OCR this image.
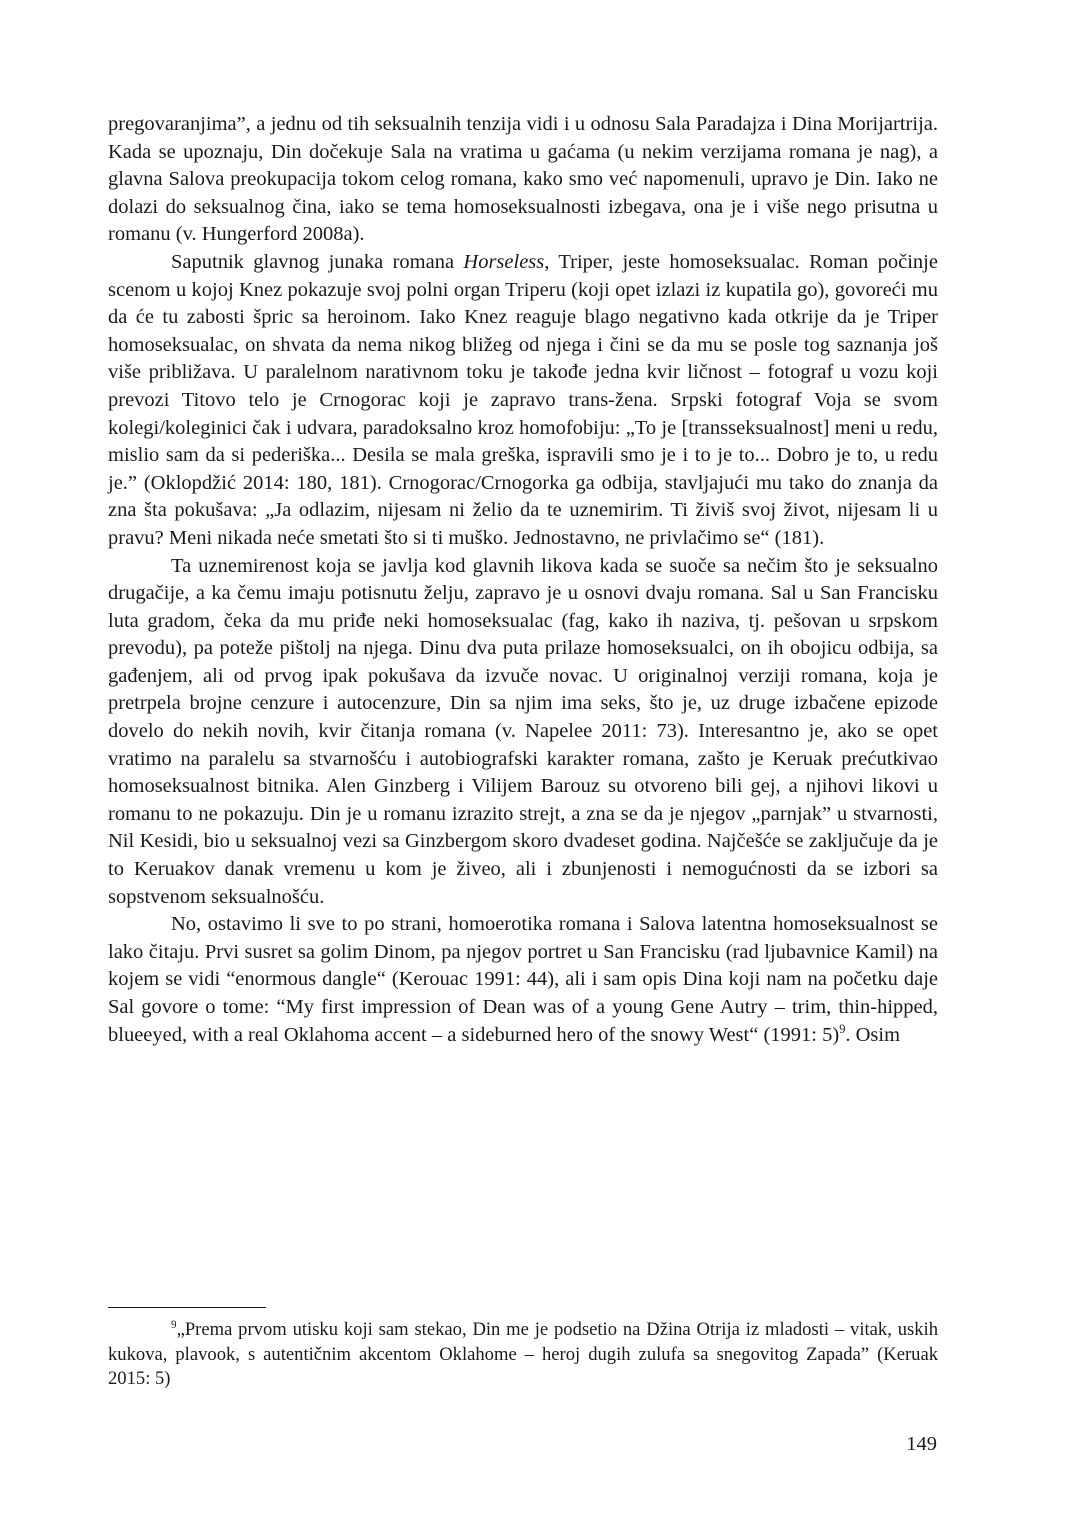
pregovaranjima”, a jednu od tih seksualnih tenzija vidi i u odnosu Sala Paradajza i Dina Morijartrija. Kada se upoznaju, Din dočekuje Sala na vratima u gaćama (u nekim verzijama romana je nag), a glavna Salova preokupacija tokom celog romana, kako smo već napomenuli, upravo je Din. Iako ne dolazi do seksualnog čina, iako se tema homoseksualnosti izbegava, ona je i više nego prisutna u romanu (v. Hungerford 2008a).

Saputnik glavnog junaka romana Horseless, Triper, jeste homoseksualac. Roman počinje scenom u kojoj Knez pokazuje svoj polni organ Triperu (koji opet izlazi iz kupatila go), govoreći mu da će tu zabosti špric sa heroinom. Iako Knez reaguje blago negativno kada otkrije da je Triper homoseksualac, on shvata da nema nikog bližeg od njega i čini se da mu se posle tog saznanja još više približava. U paralelnom narativnom toku je takođe jedna kvir ličnost – fotograf u vozu koji prevozi Titovo telo je Crnogorac koji je zapravo trans-žena. Srpski fotograf Voja se svom kolegi/koleginici čak i udvara, paradoksalno kroz homofobiju: „To je [transseksualnost] meni u redu, mislio sam da si pederiška... Desila se mala greška, ispravili smo je i to je to... Dobro je to, u redu je.” (Oklopdžić 2014: 180, 181). Crnogorac/Crnogorka ga odbija, stavljajući mu tako do znanja da zna šta pokušava: „Ja odlazim, nijesam ni želio da te uznemirim. Ti živiš svoj život, nijesam li u pravu? Meni nikada neće smetati što si ti muško. Jednostavno, ne privlačimo se“ (181).

Ta uznemirenost koja se javlja kod glavnih likova kada se suoče sa nečim što je seksualno drugačije, a ka čemu imaju potisnutu želju, zapravo je u osnovi dvaju romana. Sal u San Francisku luta gradom, čeka da mu priđe neki homoseksualac (fag, kako ih naziva, tj. pešovan u srpskom prevodu), pa poteže pištolj na njega. Dinu dva puta prilaze homoseksualci, on ih obojicu odbija, sa gađenjem, ali od prvog ipak pokušava da izvuče novac. U originalnoj verziji romana, koja je pretrpela brojne cenzure i autocenzure, Din sa njim ima seks, što je, uz druge izbačene epizode dovelo do nekih novih, kvir čitanja romana (v. Napelee 2011: 73). Interesantno je, ako se opet vratimo na paralelu sa stvarnošću i autobiografski karakter romana, zašto je Keruak prećutkivao homoseksualnost bitnika. Alen Ginzberg i Vilijem Barouz su otvoreno bili gej, a njihovi likovi u romanu to ne pokazuju. Din je u romanu izrazito strejt, a zna se da je njegov „parnjak” u stvarnosti, Nil Kesidi, bio u seksualnoj vezi sa Ginzbergom skoro dvadeset godina. Najčešće se zaključuje da je to Keruakov danak vremenu u kom je živeo, ali i zbunjenosti i nemogućnosti da se izbori sa sopstvenom seksualnošću.

No, ostavimo li sve to po strani, homoerotika romana i Salova latentna homoseksualnost se lako čitaju. Prvi susret sa golim Dinom, pa njegov portret u San Francisku (rad ljubavnice Kamil) na kojem se vidi “enormous dangle“ (Kerouac 1991: 44), ali i sam opis Dina koji nam na početku daje Sal govore o tome: “My first impression of Dean was of a young Gene Autry – trim, thin-hipped, blueeyed, with a real Oklahoma accent – a sideburned hero of the snowy West“ (1991: 5)$^9$. Osim

$^9$„Prema prvom utisku koji sam stekao, Din me je podsetio na Džina Otrija iz mladosti – vitak, uskih kukova, plavook, s autentičnim akcentom Oklahome – heroj dugih zulufa sa snegovitog Zapada” (Keruak 2015: 5)

149
